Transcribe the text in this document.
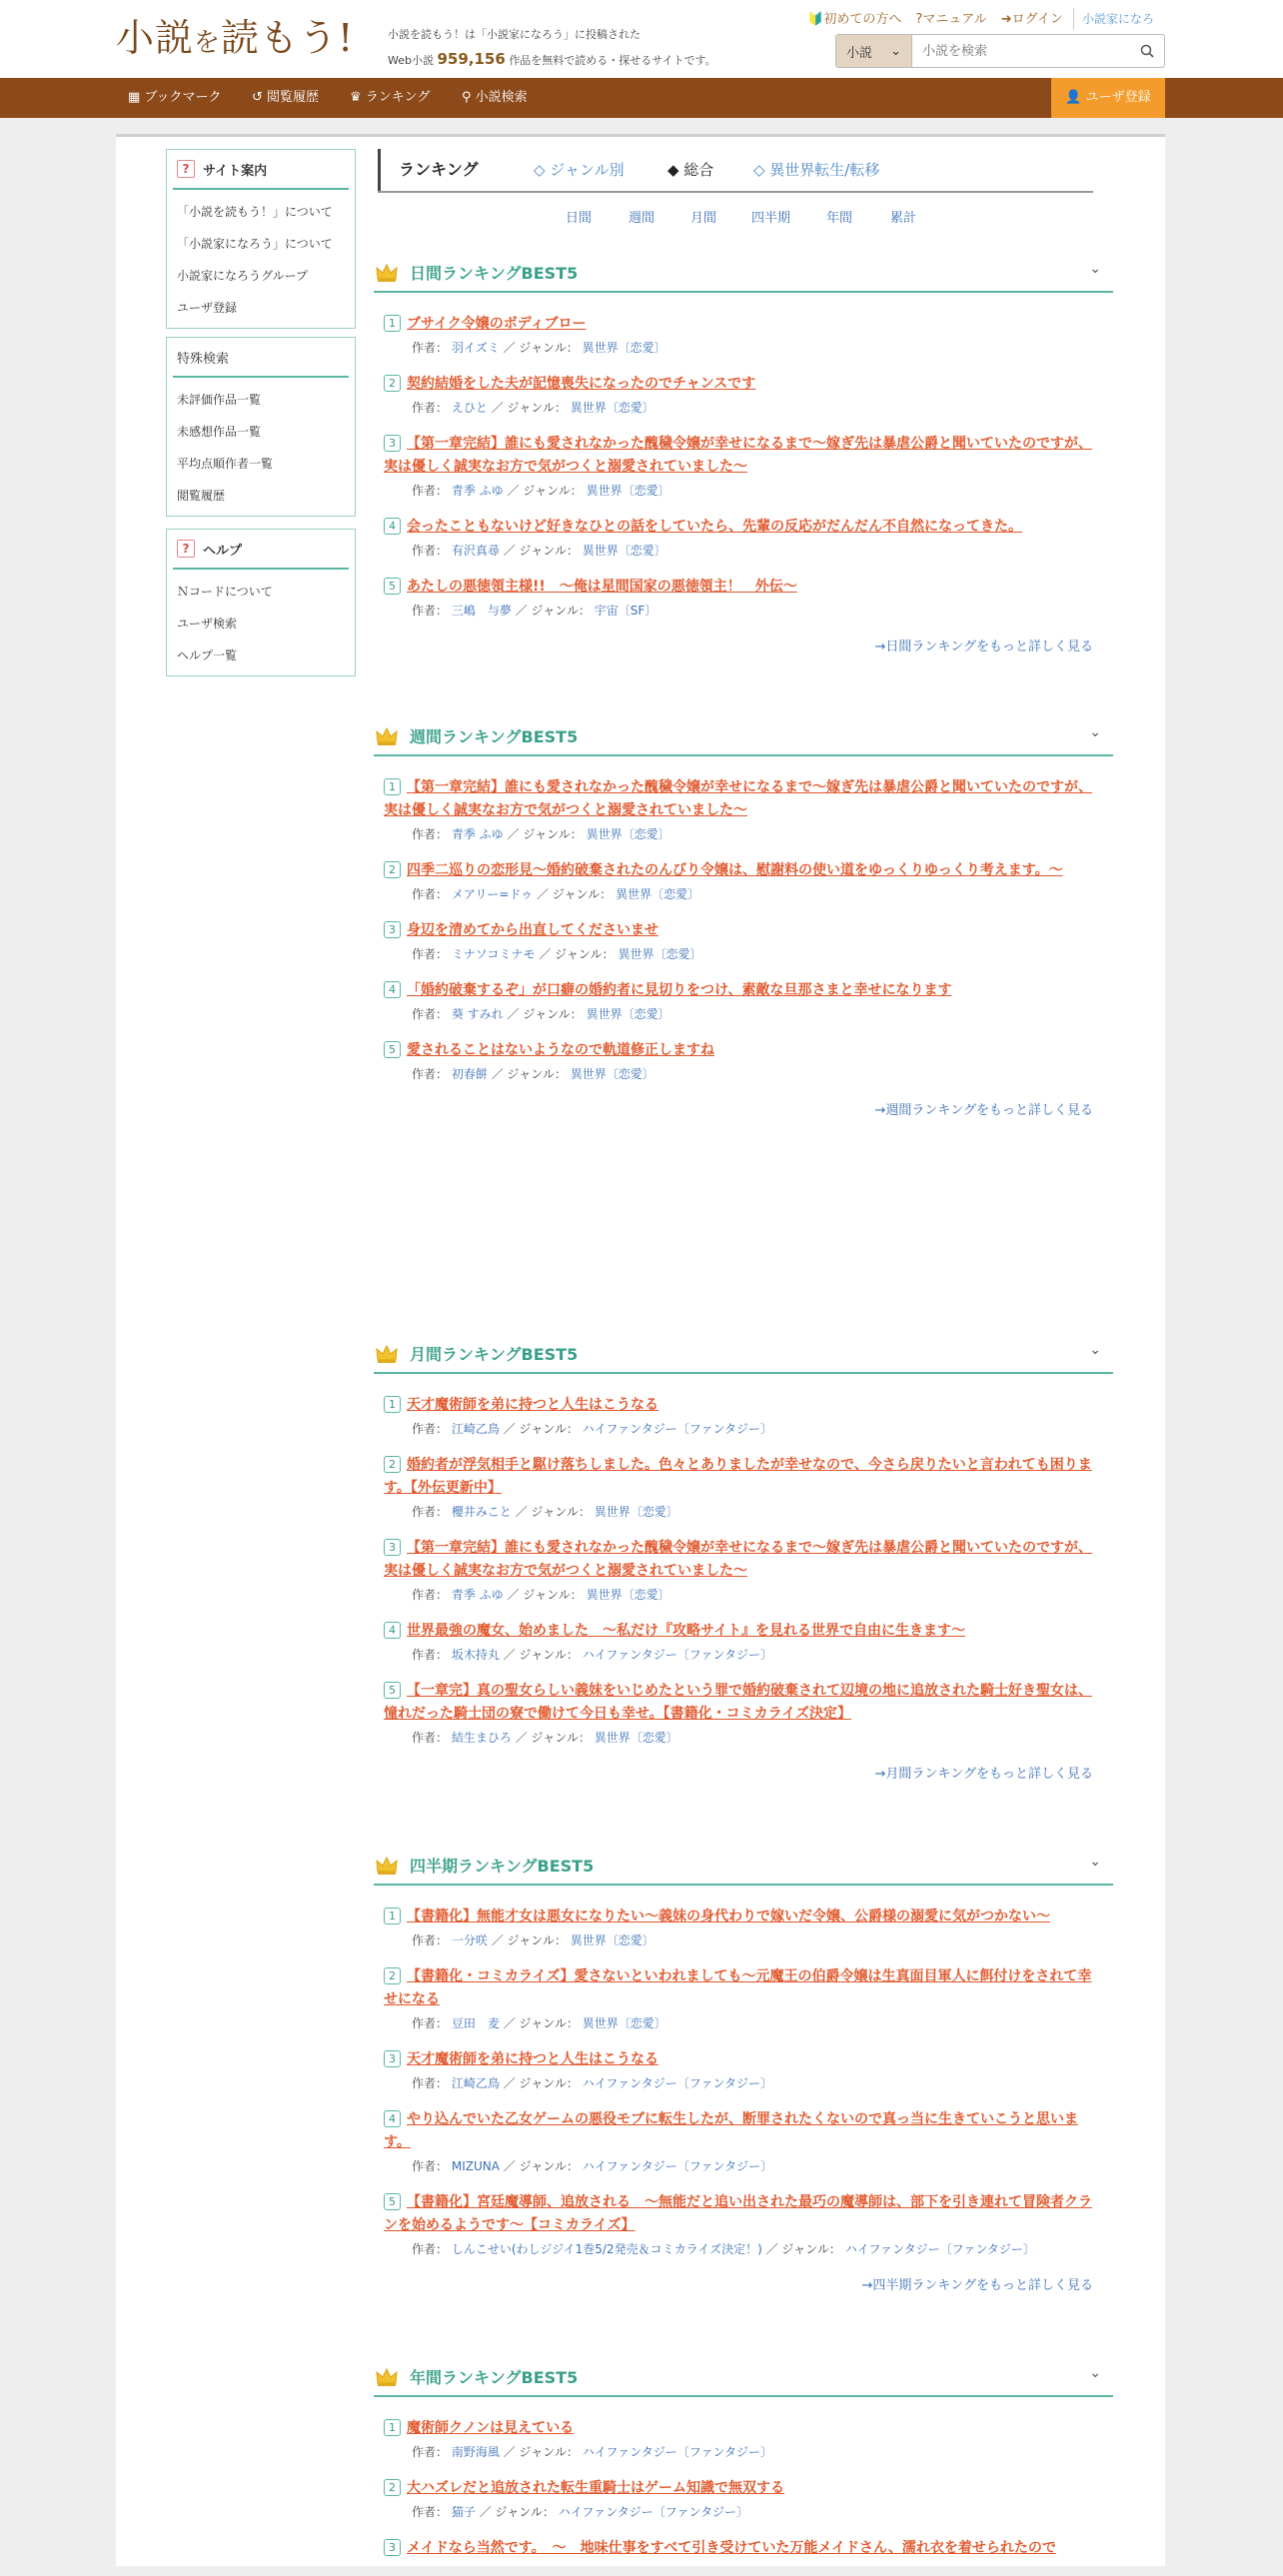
小説を読もう!	小説を読もう！は「小説家になろう」に投稿された
Web小説 959,156 作品を無料で読める・探せるサイトです。
🔰初めての方へ ?マニュアル ➜ログイン	小説家になろ
小説 ⌄
小説を検索
▦ ブックマーク ↺ 閲覧履歴 ♛ ランキング ⚲ 小説検索	👤 ユーザ登録
?	サイト案内
「小説を読もう！」について
「小説家になろう」について
小説家になろうグループ
ユーザ登録
特殊検索
未評価作品一覧
未感想作品一覧
平均点順作者一覧
閲覧履歴
?	ヘルプ
Ｎコードについて
ユーザ検索
ヘルプ一覧
ランキング	◇ ジャンル別	◆ 総合	◇ 異世界転生/転移
日間	週間	月間	四半期	年間	累計
日間ランキングBEST5	⌄
1 ブサイク令嬢のボディブロー
作者： 羽イズミ ／ ジャンル： 異世界〔恋愛〕
2 契約結婚をした夫が記憶喪失になったのでチャンスです
作者： えひと ／ ジャンル： 異世界〔恋愛〕
3 【第一章完結】誰にも愛されなかった醜穢令嬢が幸せになるまで〜嫁ぎ先は暴虐公爵と聞いていたのですが、実は優しく誠実なお方で気がつくと溺愛されていました〜
作者： 青季 ふゆ ／ ジャンル： 異世界〔恋愛〕
4 会ったこともないけど好きなひとの話をしていたら、先輩の反応がだんだん不自然になってきた。
作者： 有沢真尋 ／ ジャンル： 異世界〔恋愛〕
5 あたしの悪徳領主様!!　～俺は星間国家の悪徳領主！　外伝～
作者： 三嶋　与夢 ／ ジャンル： 宇宙〔SF〕
→日間ランキングをもっと詳しく見る
週間ランキングBEST5	⌄
1 【第一章完結】誰にも愛されなかった醜穢令嬢が幸せになるまで〜嫁ぎ先は暴虐公爵と聞いていたのですが、実は優しく誠実なお方で気がつくと溺愛されていました〜
作者： 青季 ふゆ ／ ジャンル： 異世界〔恋愛〕
2 四季二巡りの恋形見〜婚約破棄されたのんびり令嬢は、慰謝料の使い道をゆっくりゆっくり考えます。〜
作者： メアリー=ドゥ ／ ジャンル： 異世界〔恋愛〕
3 身辺を清めてから出直してくださいませ
作者： ミナソコミナモ ／ ジャンル： 異世界〔恋愛〕
4 「婚約破棄するぞ」が口癖の婚約者に見切りをつけ、素敵な旦那さまと幸せになります
作者： 葵 すみれ ／ ジャンル： 異世界〔恋愛〕
5 愛されることはないようなので軌道修正しますね
作者： 初春餅 ／ ジャンル： 異世界〔恋愛〕
→週間ランキングをもっと詳しく見る
月間ランキングBEST5	⌄
1 天才魔術師を弟に持つと人生はこうなる
作者： 江崎乙鳥 ／ ジャンル： ハイファンタジー〔ファンタジー〕
2 婚約者が浮気相手と駆け落ちしました。色々とありましたが幸せなので、今さら戻りたいと言われても困ります。【外伝更新中】
作者： 櫻井みこと ／ ジャンル： 異世界〔恋愛〕
3 【第一章完結】誰にも愛されなかった醜穢令嬢が幸せになるまで〜嫁ぎ先は暴虐公爵と聞いていたのですが、実は優しく誠実なお方で気がつくと溺愛されていました〜
作者： 青季 ふゆ ／ ジャンル： 異世界〔恋愛〕
4 世界最強の魔女、始めました　～私だけ『攻略サイト』を見れる世界で自由に生きます～
作者： 坂木持丸 ／ ジャンル： ハイファンタジー〔ファンタジー〕
5 【一章完】真の聖女らしい義妹をいじめたという罪で婚約破棄されて辺境の地に追放された騎士好き聖女は、憧れだった騎士団の寮で働けて今日も幸せ。【書籍化・コミカライズ決定】
作者： 結生まひろ ／ ジャンル： 異世界〔恋愛〕
→月間ランキングをもっと詳しく見る
四半期ランキングBEST5	⌄
1 【書籍化】無能才女は悪女になりたい～義妹の身代わりで嫁いだ令嬢、公爵様の溺愛に気がつかない～
作者： 一分咲 ／ ジャンル： 異世界〔恋愛〕
2 【書籍化・コミカライズ】愛さないといわれましても～元魔王の伯爵令嬢は生真面目軍人に餌付けをされて幸せになる
作者： 豆田　麦 ／ ジャンル： 異世界〔恋愛〕
3 天才魔術師を弟に持つと人生はこうなる
作者： 江崎乙鳥 ／ ジャンル： ハイファンタジー〔ファンタジー〕
4 やり込んでいた乙女ゲームの悪役モブに転生したが、断罪されたくないので真っ当に生きていこうと思います。
作者： MIZUNA ／ ジャンル： ハイファンタジー〔ファンタジー〕
5 【書籍化】宮廷魔導師、追放される　～無能だと追い出された最巧の魔導師は、部下を引き連れて冒険者クランを始めるようです～【コミカライズ】
作者： しんこせい(わしジジイ1巻5/2発売＆コミカライズ決定！) ／ ジャンル： ハイファンタジー〔ファンタジー〕
→四半期ランキングをもっと詳しく見る
年間ランキングBEST5	⌄
1 魔術師クノンは見えている
作者： 南野海風 ／ ジャンル： ハイファンタジー〔ファンタジー〕
2 大ハズレだと追放された転生重騎士はゲーム知識で無双する
作者： 猫子 ／ ジャンル： ハイファンタジー〔ファンタジー〕
3 メイドなら当然です。　～　地味仕事をすべて引き受けていた万能メイドさん、濡れ衣を着せられたので
